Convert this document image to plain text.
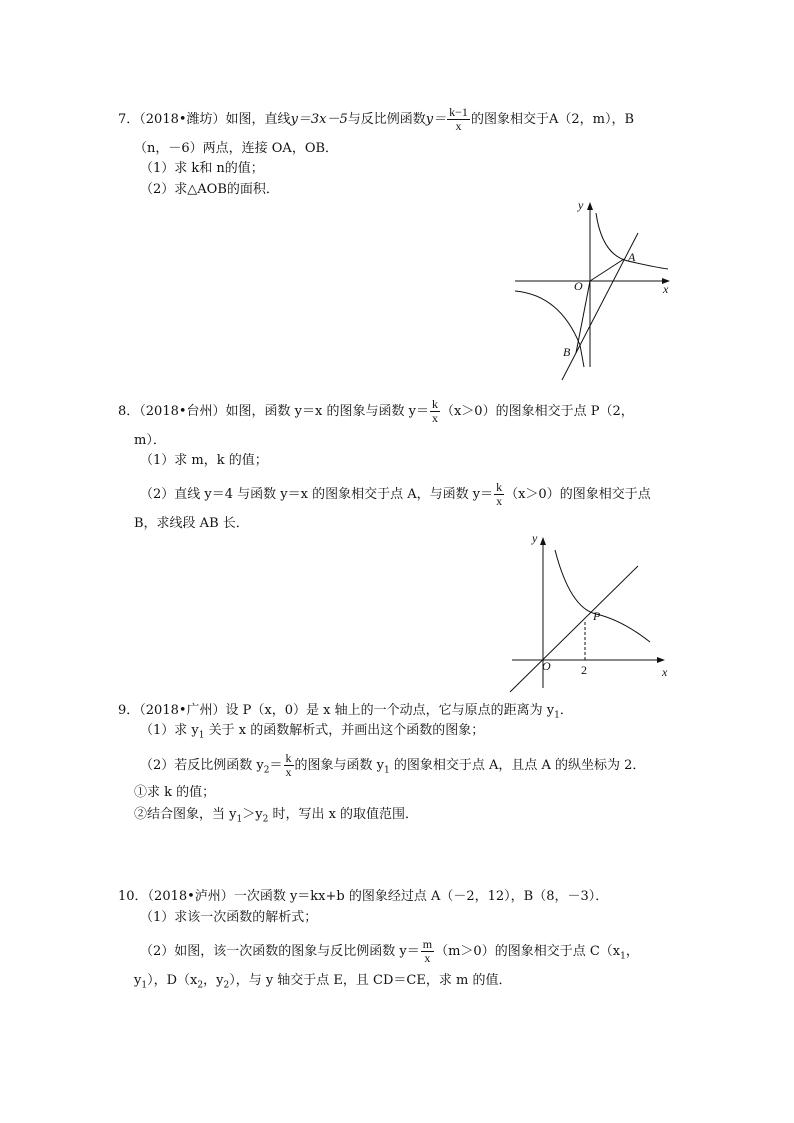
7．（2018•潍坊）如图，直线y＝3x－5与反比例函数$y= \frac{k-1}{x}$ 的图象相交于A（2，m），B
（n，－6）两点，连接 OA，OB．
（1）求 k和 n的值；
（2）求△AOB的面积．
y
x
O
A
B
8．（2018•台州）如图，函数 y＝x 的图象与函数 $y= \frac{k}{x} (x>0)$的图象相交于点 P（2，
m）．
（1）求 m，k 的值；
（2）直线 y＝4 与函数 y＝x 的图象相交于点 A，与函数 $y= \frac{k}{x} (x>0)$的图象相交于点
B，求线段 AB 长．
y
x
O
P
2
9．（2018•广州）设 P（x，0）是 x 轴上的一个动点，它与原点的距离为 $y_1$．
（1）求 $y_1$ 关于 x 的函数解析式，并画出这个函数的图象；
（2）若反比例函数 $y_2= \frac{k}{x}$ 的图象与函数 $y_1$ 的图象相交于点 A，且点 A 的纵坐标为 2．
①求 k 的值；
②结合图象，当 $y_1>y_2$ 时，写出 x 的取值范围．
10．（2018•泸州）一次函数 y＝kx+b 的图象经过点 A（－2，12），B（8，－3）．
（1）求该一次函数的解析式；
（2）如图，该一次函数的图象与反比例函数 $y= \frac{m}{x} (m>0)$的图象相交于点 $C(x_1$，
$y_1$），$D(x_2$，$y_2$），与 y 轴交于点 E，且 CD＝CE，求 m 的值．
